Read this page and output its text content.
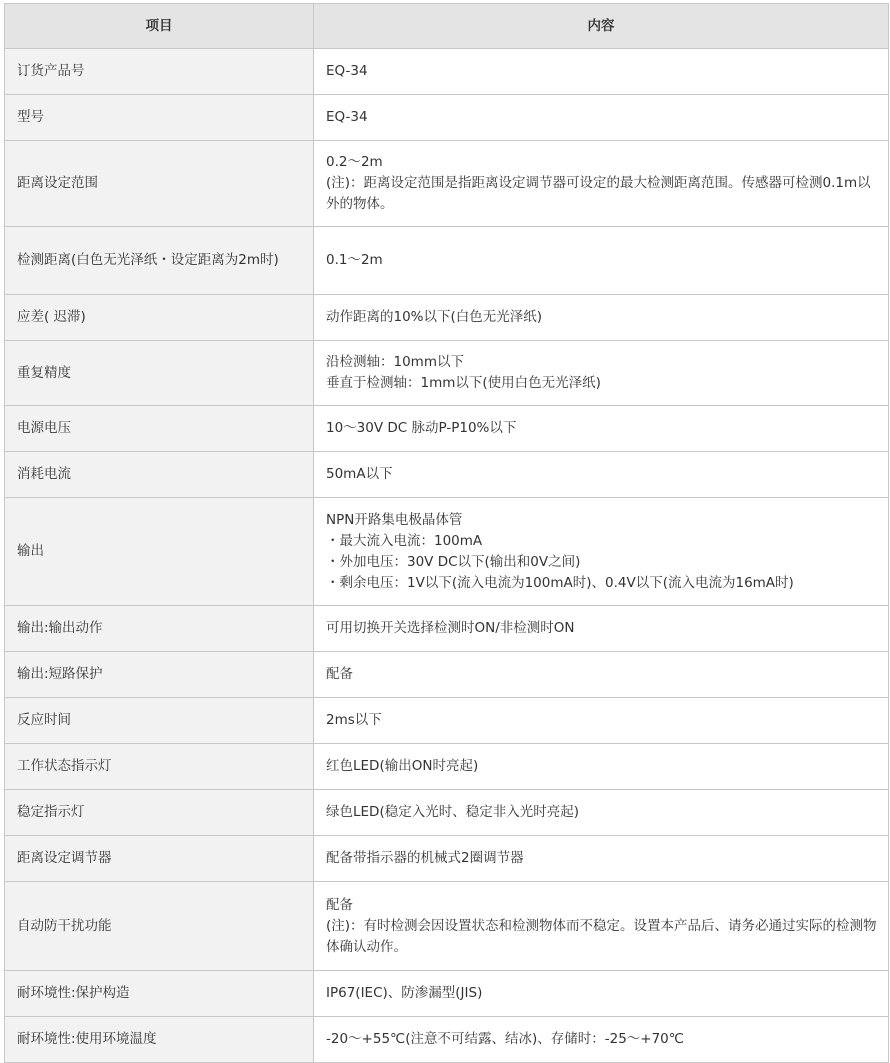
项目	内容
订货产品号	EQ-34
型号	EQ-34
距离设定范围	0.2～2m
(注)：距离设定范围是指距离设定调节器可设定的最大检测距离范围。传感器可检测0.1m以外的物体。
检测距离(白色无光泽纸・设定距离为2m时)	0.1～2m
应差( 迟滞)	动作距离的10%以下(白色无光泽纸)
重复精度	沿检测轴：10mm以下
垂直于检测轴：1mm以下(使用白色无光泽纸)
电源电压	10～30V DC 脉动P-P10%以下
消耗电流	50mA以下
输出	NPN开路集电极晶体管
・最大流入电流：100mA
・外加电压：30V DC以下(输出和0V之间)
・剩余电压：1V以下(流入电流为100mA时)、0.4V以下(流入电流为16mA时)
输出:输出动作	可用切换开关选择检测时ON/非检测时ON
输出:短路保护	配备
反应时间	2ms以下
工作状态指示灯	红色LED(输出ON时亮起)
稳定指示灯	绿色LED(稳定入光时、稳定非入光时亮起)
距离设定调节器	配备带指示器的机械式2圈调节器
自动防干扰功能	配备
(注)：有时检测会因设置状态和检测物体而不稳定。设置本产品后、请务必通过实际的检测物体确认动作。
耐环境性:保护构造	IP67(IEC)、防渗漏型(JIS)
耐环境性:使用环境温度	-20～+55℃(注意不可结露、结冰)、存储时：-25～+70℃
